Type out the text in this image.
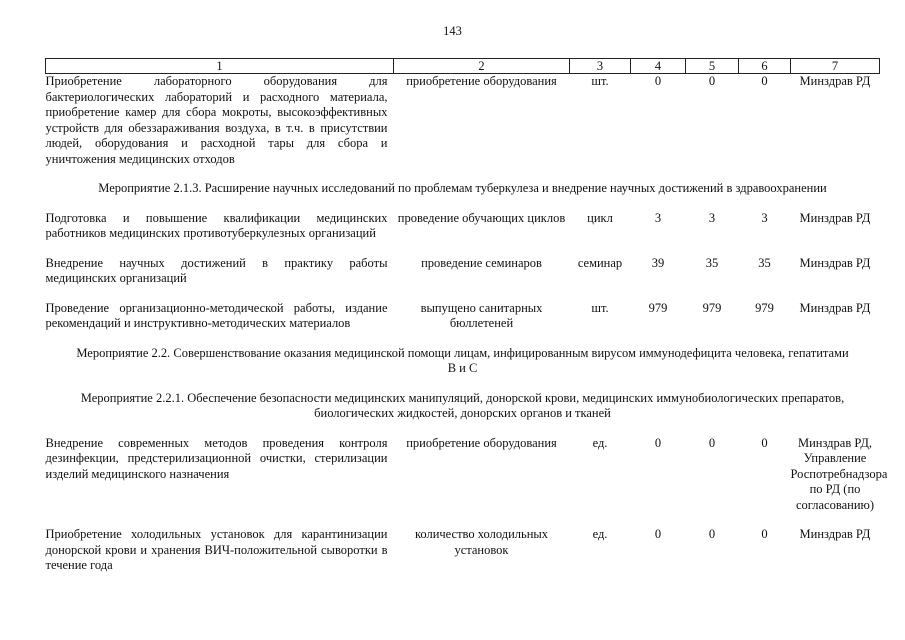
143
1	2	3	4	5	6	7
Приобретение лабораторного оборудования для бактериологических лабораторий и расходного материала, приобретение камер для сбора мокроты, высокоэффективных устройств для обеззараживания воздуха, в т.ч. в присутствии людей, оборудования и расходной тары для сбора и уничтожения медицинских отходов	приобретение оборудования	шт.	0	0	0	Минздрав РД

Мероприятие 2.1.3. Расширение научных исследований по проблемам туберкулеза и внедрение научных достижений в здравоохранении						

Подготовка и повышение квалификации медицинских работников медицинских противотуберкулезных организаций	проведение обучающих циклов	цикл	3	3	3	Минздрав РД

Внедрение научных достижений в практику работы медицинских организаций	проведение семинаров	семинар	39	35	35	Минздрав РД

Проведение организационно-методической работы, издание рекомендаций и инструктивно-методических материалов	выпущено санитарных бюллетеней	шт.	979	979	979	Минздрав РД

Мероприятие 2.2. Совершенствование оказания медицинской помощи лицам, инфицированным вирусом иммунодефицита человека, гепатитами В и С						

Мероприятие 2.2.1. Обеспечение безопасности медицинских манипуляций, донорской крови, медицинских иммунобиологических препаратов, биологических жидкостей, донорских органов и тканей						

Внедрение современных методов проведения контроля дезинфекции, предстерилизационной очистки, стерилизации изделий медицинского назначения	приобретение оборудования	ед.	0	0	0	Минздрав РД, Управление Роспотребнадзора по РД (по согласованию)

Приобретение холодильных установок для карантинизации донорской крови и хранения ВИЧ-положительной сыворотки в течение года	количество холодильных установок	ед.	0	0	0	Минздрав РД
